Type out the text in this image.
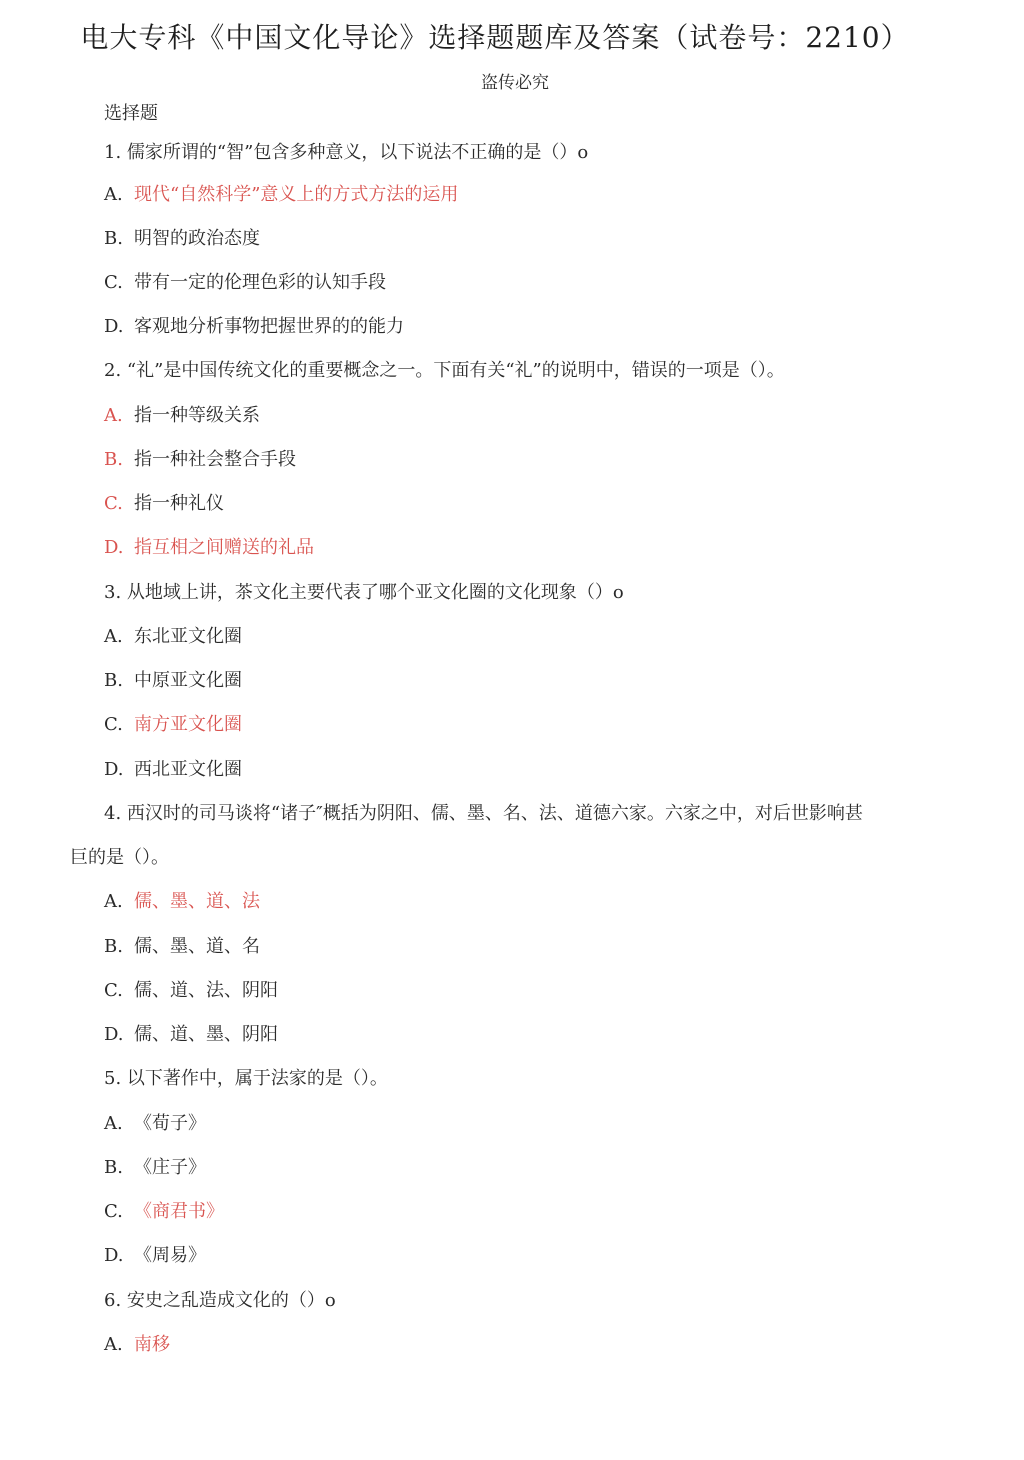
电大专科《中国文化导论》选择题题库及答案（试卷号：2210）
盗传必究
选择题
1. 儒家所谓的“智”包含多种意义，以下说法不正确的是（）o
A. 现代“自然科学”意义上的方式方法的运用
B. 明智的政治态度
C. 带有一定的伦理色彩的认知手段
D. 客观地分析事物把握世界的的能力
2. “礼”是中国传统文化的重要概念之一。下面有关“礼”的说明中，错误的一项是（）。
A. 指一种等级关系
B. 指一种社会整合手段
C. 指一种礼仪
D. 指互相之间赠送的礼品
3. 从地域上讲，茶文化主要代表了哪个亚文化圈的文化现象（）o
A. 东北亚文化圈
B. 中原亚文化圈
C. 南方亚文化圈
D. 西北亚文化圈
4. 西汉时的司马谈将“诸子″概括为阴阳、儒、墨、名、法、道德六家。六家之中，对后世影响甚
巨的是（）。
A. 儒、墨、道、法
B. 儒、墨、道、名
C. 儒、道、法、阴阳
D. 儒、道、墨、阴阳
5. 以下著作中，属于法家的是（）。
A. 《荀子》
B. 《庄子》
C. 《商君书》
D. 《周易》
6. 安史之乱造成文化的（）o
A. 南移
